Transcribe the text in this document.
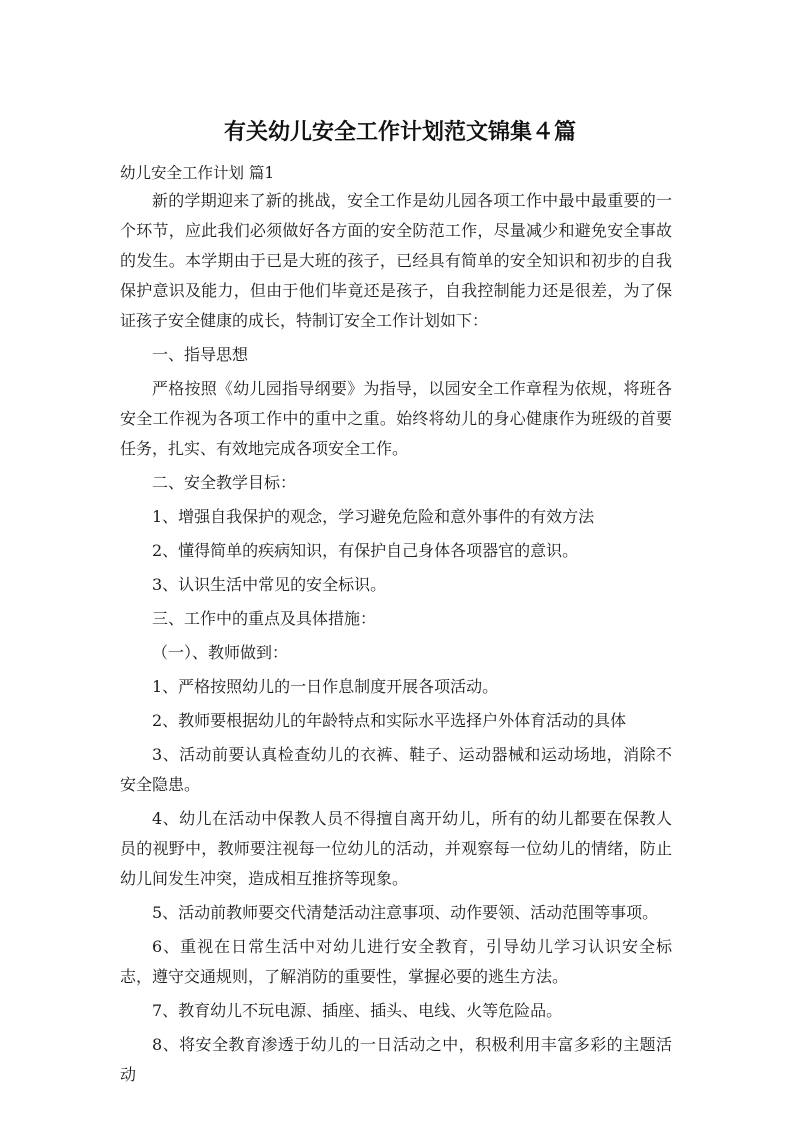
有关幼儿安全工作计划范文锦集４篇
幼儿安全工作计划 篇1

新的学期迎来了新的挑战，安全工作是幼儿园各项工作中最中最重要的一个环节，应此我们必须做好各方面的安全防范工作，尽量减少和避免安全事故的发生。本学期由于已是大班的孩子，已经具有简单的安全知识和初步的自我保护意识及能力，但由于他们毕竟还是孩子，自我控制能力还是很差，为了保证孩子安全健康的成长，特制订安全工作计划如下：

一、指导思想

严格按照《幼儿园指导纲要》为指导，以园安全工作章程为依规，将班各安全工作视为各项工作中的重中之重。始终将幼儿的身心健康作为班级的首要任务，扎实、有效地完成各项安全工作。

二、安全教学目标：

1、增强自我保护的观念，学习避免危险和意外事件的有效方法

2、懂得简单的疾病知识，有保护自己身体各项器官的意识。

3、认识生活中常见的安全标识。

三、工作中的重点及具体措施：

（一）、教师做到：

1、严格按照幼儿的一日作息制度开展各项活动。

2、教师要根据幼儿的年龄特点和实际水平选择户外体育活动的具体

3、活动前要认真检查幼儿的衣裤、鞋子、运动器械和运动场地，消除不安全隐患。

4、幼儿在活动中保教人员不得擅自离开幼儿，所有的幼儿都要在保教人员的视野中，教师要注视每一位幼儿的活动，并观察每一位幼儿的情绪，防止幼儿间发生冲突，造成相互推挤等现象。

5、活动前教师要交代清楚活动注意事项、动作要领、活动范围等事项。

6、重视在日常生活中对幼儿进行安全教育，引导幼儿学习认识安全标志，遵守交通规则，了解消防的重要性，掌握必要的逃生方法。

7、教育幼儿不玩电源、插座、插头、电线、火等危险品。

8、将安全教育渗透于幼儿的一日活动之中，积极利用丰富多彩的主题活动
